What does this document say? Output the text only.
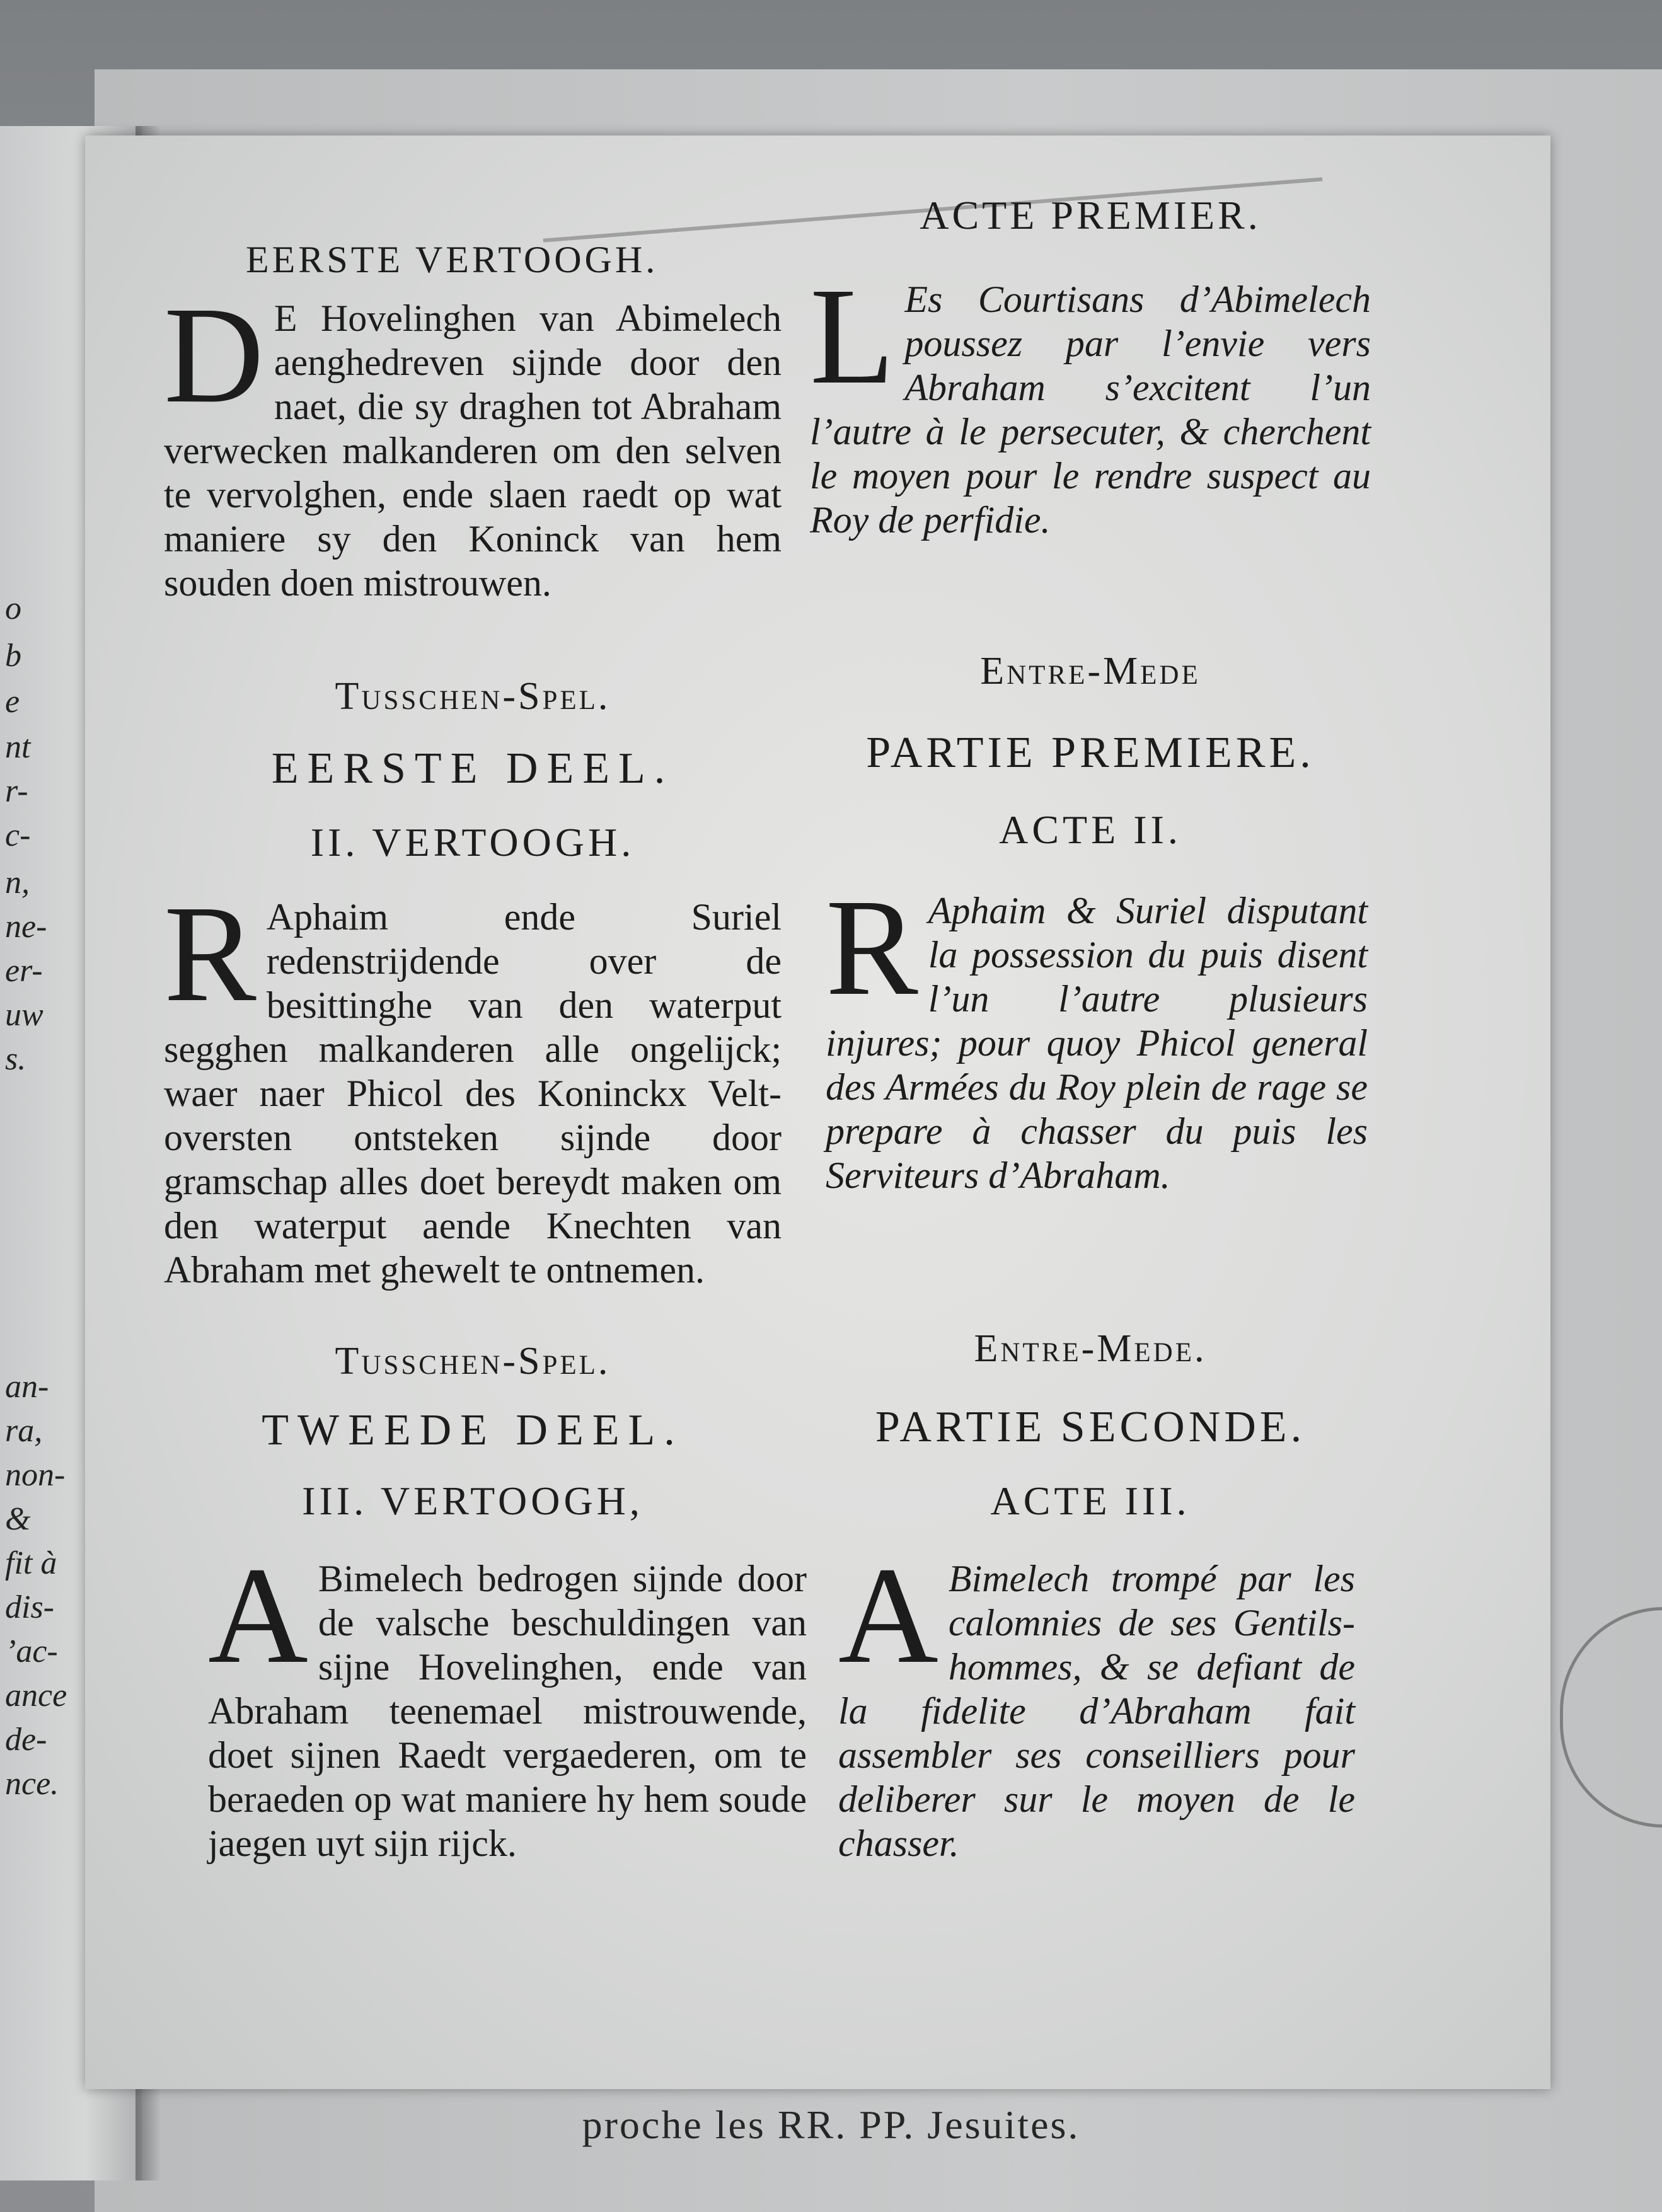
proche les RR. PP. Jesuites.
o
b
e
nt
r-
c-
n,
ne-
er-
uw
s.
an-
ra,
non-
&
fit à
dis-
’ac-
ance
de-
nce.
EERSTE VERTOOGH.

D E Hovelinghen van Abimelech aenghedreven sijnde door den naet, die sy draghen tot Abraham verwecken malkanderen om den selven te vervolghen, ende slaen raedt op wat maniere sy den Koninck van hem souden doen mistrouwen.

Tusschen-Spel.
EERSTE DEEL.
II. VERTOOGH.

R Aphaim ende Suriel redenstrijdende over de besittinghe van den waterput segghen malkanderen alle ongelijck; waer naer Phicol des Koninckx Velt-oversten ontsteken sijnde door gramschap alles doet bereydt maken om den waterput aende Knechten van Abraham met ghewelt te ontnemen.

Tusschen-Spel.
TWEEDE DEEL.
III. VERTOOGH,

A Bimelech bedrogen sijnde door de valsche beschuldingen van sijne Hovelinghen, ende van Abraham teenemael mistrouwende, doet sijnen Raedt vergaederen, om te beraeden op wat maniere hy hem soude jaegen uyt sijn rijck.

ACTE PREMIER.

L Es Courtisans d’Abimelech poussez par l’envie vers Abraham s’excitent l’un l’autre à le persecuter, & cherchent le moyen pour le rendre suspect au Roy de perfidie.

Entre-Mede
PARTIE PREMIERE.
ACTE II.

R Aphaim & Suriel disputant la possession du puis disent l’un l’autre plusieurs injures; pour quoy Phicol general des Armées du Roy plein de rage se prepare à chasser du puis les Serviteurs d’Abraham.

Entre-Mede.
PARTIE SECONDE.
ACTE III.

A Bimelech trompé par les calomnies de ses Gentils-hommes, & se defiant de la fidelite d’Abraham fait assembler ses conseilliers pour deliberer sur le moyen de le chasser.
